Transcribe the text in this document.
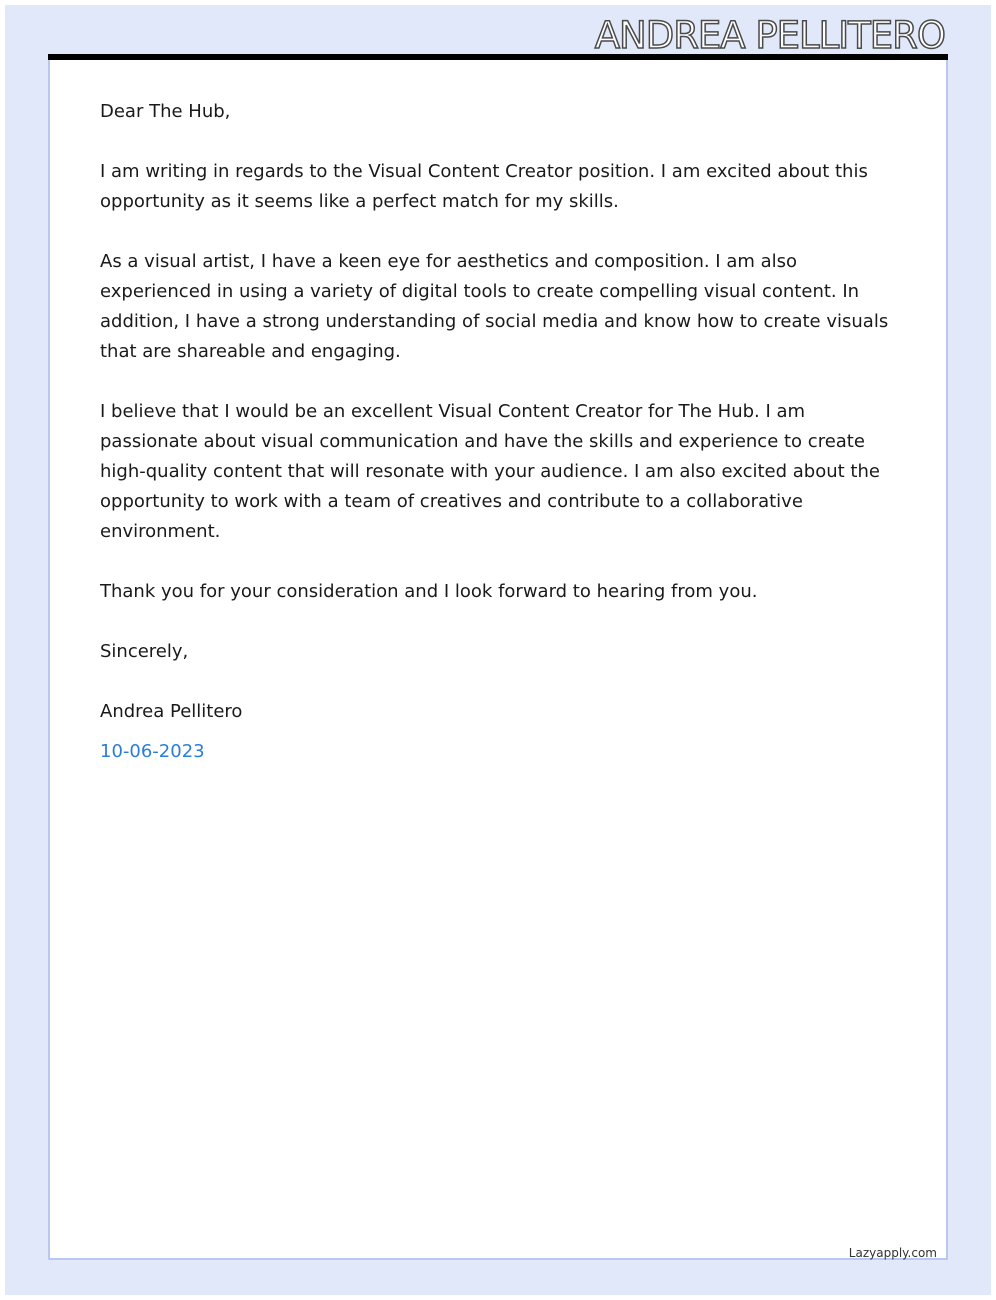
ANDREA PELLITERO

Dear The Hub,

I am writing in regards to the Visual Content Creator position. I am excited about this opportunity as it seems like a perfect match for my skills.

As a visual artist, I have a keen eye for aesthetics and composition. I am also experienced in using a variety of digital tools to create compelling visual content. In addition, I have a strong understanding of social media and know how to create visuals that are shareable and engaging.

I believe that I would be an excellent Visual Content Creator for The Hub. I am passionate about visual communication and have the skills and experience to create high-quality content that will resonate with your audience. I am also excited about the opportunity to work with a team of creatives and contribute to a collaborative environment.

Thank you for your consideration and I look forward to hearing from you.

Sincerely,

Andrea Pellitero

10-06-2023
Lazyapply.com
